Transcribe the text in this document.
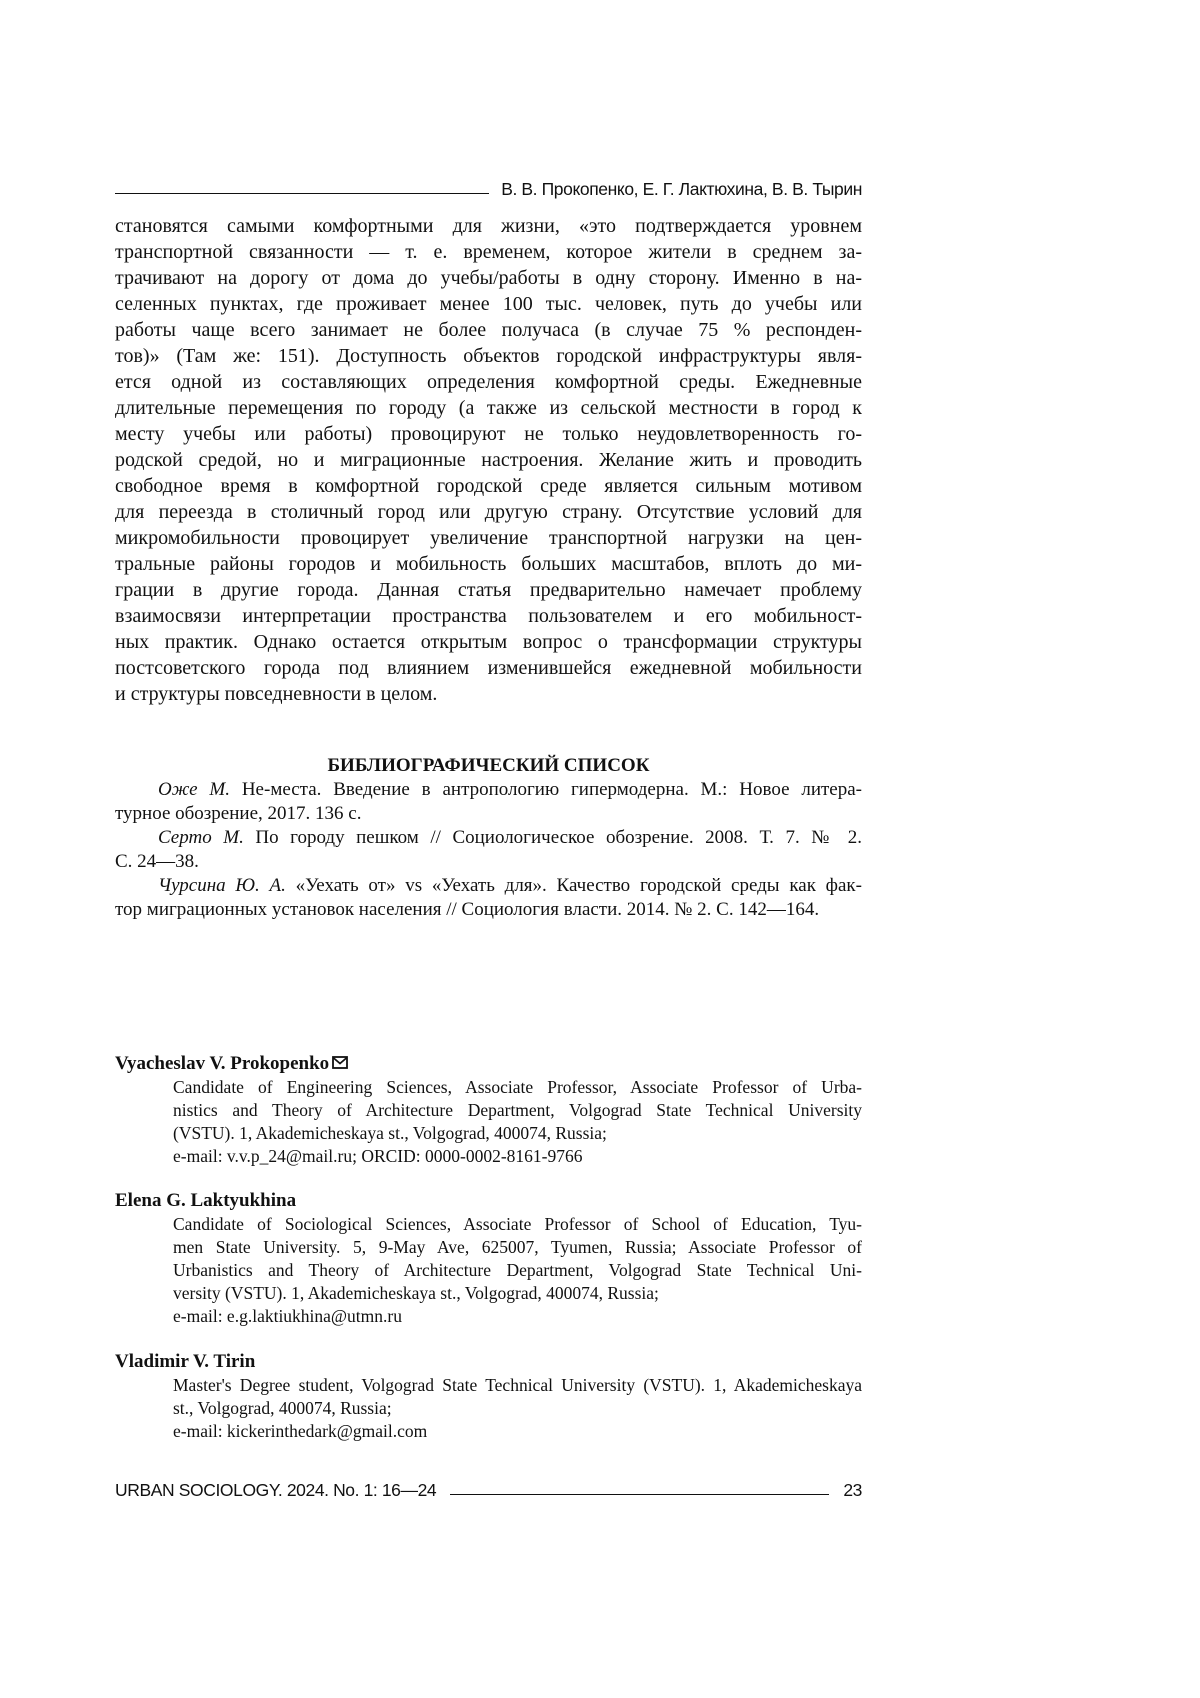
В. В. Прокопенко, Е. Г. Лактюхина, В. В. Тырин
становятся самыми комфортными для жизни, «это подтверждается уровнем
транспортной связанности — т. е. временем, которое жители в среднем за-
трачивают на дорогу от дома до учебы/работы в одну сторону. Именно в на-
селенных пунктах, где проживает менее 100 тыс. человек, путь до учебы или
работы чаще всего занимает не более получаса (в случае 75 % респонден-
тов)» (Там же: 151). Доступность объектов городской инфраструктуры явля-
ется одной из составляющих определения комфортной среды. Ежедневные
длительные перемещения по городу (а также из сельской местности в город к
месту учебы или работы) провоцируют не только неудовлетворенность го-
родской средой, но и миграционные настроения. Желание жить и проводить
свободное время в комфортной городской среде является сильным мотивом
для переезда в столичный город или другую страну. Отсутствие условий для
микромобильности провоцирует увеличение транспортной нагрузки на цен-
тральные районы городов и мобильность больших масштабов, вплоть до ми-
грации в другие города. Данная статья предварительно намечает проблему
взаимосвязи интерпретации пространства пользователем и его мобильност-
ных практик. Однако остается открытым вопрос о трансформации структуры
постсоветского города под влиянием изменившейся ежедневной мобильности
и структуры повседневности в целом.
БИБЛИОГРАФИЧЕСКИЙ СПИСОК
Оже М. Не-места. Введение в антропологию гипермодерна. М.: Новое литера-
турное обозрение, 2017. 136 с.
Серто М. По городу пешком // Социологическое обозрение. 2008. Т. 7. № 2.
С. 24—38.
Чурсина Ю. А. «Уехать от» vs «Уехать для». Качество городской среды как фак-
тор миграционных установок населения // Социология власти. 2014. № 2. С. 142—164.
Vyacheslav V. Prokopenko
Candidate of Engineering Sciences, Associate Professor, Associate Professor of Urba-
nistics and Theory of Architecture Department, Volgograd State Technical University
(VSTU). 1, Akademicheskaya st., Volgograd, 400074, Russia;
e-mail: v.v.p_24@mail.ru; ORCID: 0000-0002-8161-9766
Elena G. Laktyukhina
Candidate of Sociological Sciences, Associate Professor of School of Education, Tyu-
men State University. 5, 9-May Ave, 625007, Tyumen, Russia; Associate Professor of
Urbanistics and Theory of Architecture Department, Volgograd State Technical Uni-
versity (VSTU). 1, Akademicheskaya st., Volgograd, 400074, Russia;
e-mail: e.g.laktiukhina@utmn.ru
Vladimir V. Tirin
Master's Degree student, Volgograd State Technical University (VSTU). 1, Akademicheskaya
st., Volgograd, 400074, Russia;
e-mail: kickerinthedark@gmail.com
URBAN SOCIOLOGY. 2024. No. 1: 16—24	23
